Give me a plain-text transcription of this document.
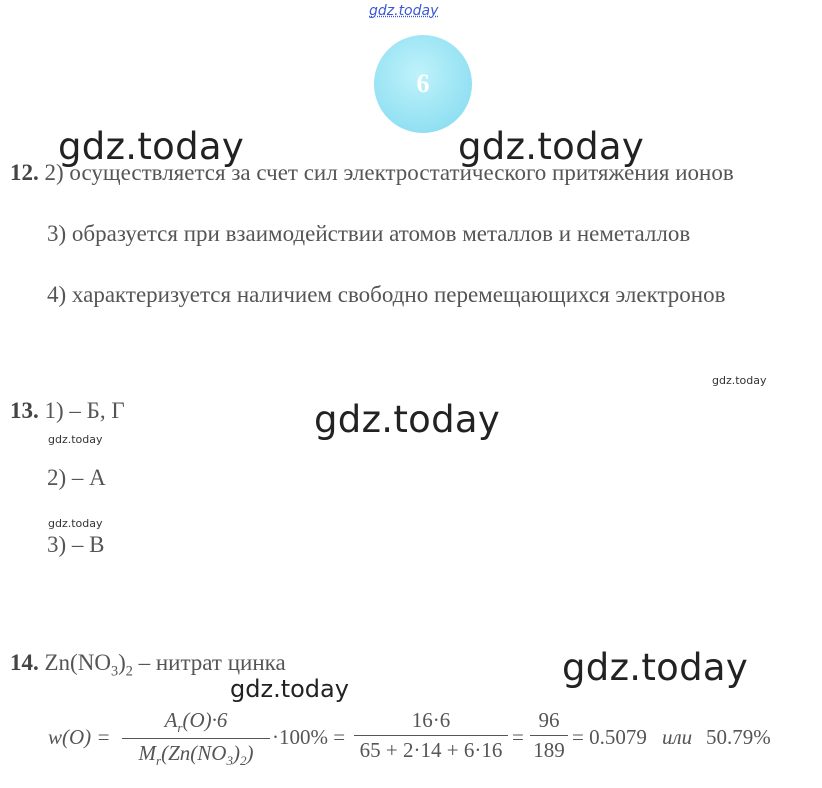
gdz.today
6
gdz.today	gdz.today
gdz.today
gdz.today
gdz.today
gdz.today
gdz.today
gdz.today
12. 2) осуществляется за счет сил электростатического притяжения ионов
3) образуется при взаимодействии атомов металлов и неметаллов
4) характеризуется наличием свободно перемещающихся электронов
13. 1) – Б, Г
2) – А
3) – В
14. $Zn(NO_3)_2$ – нитрат цинка
w(O) =
$A_r(O)\cdot 6$
$M_r(Zn(NO_3)_2)$
·100% =
16·6
65 + 2·14 + 6·16
=
96
189
= 0.5079 или 50.79%
